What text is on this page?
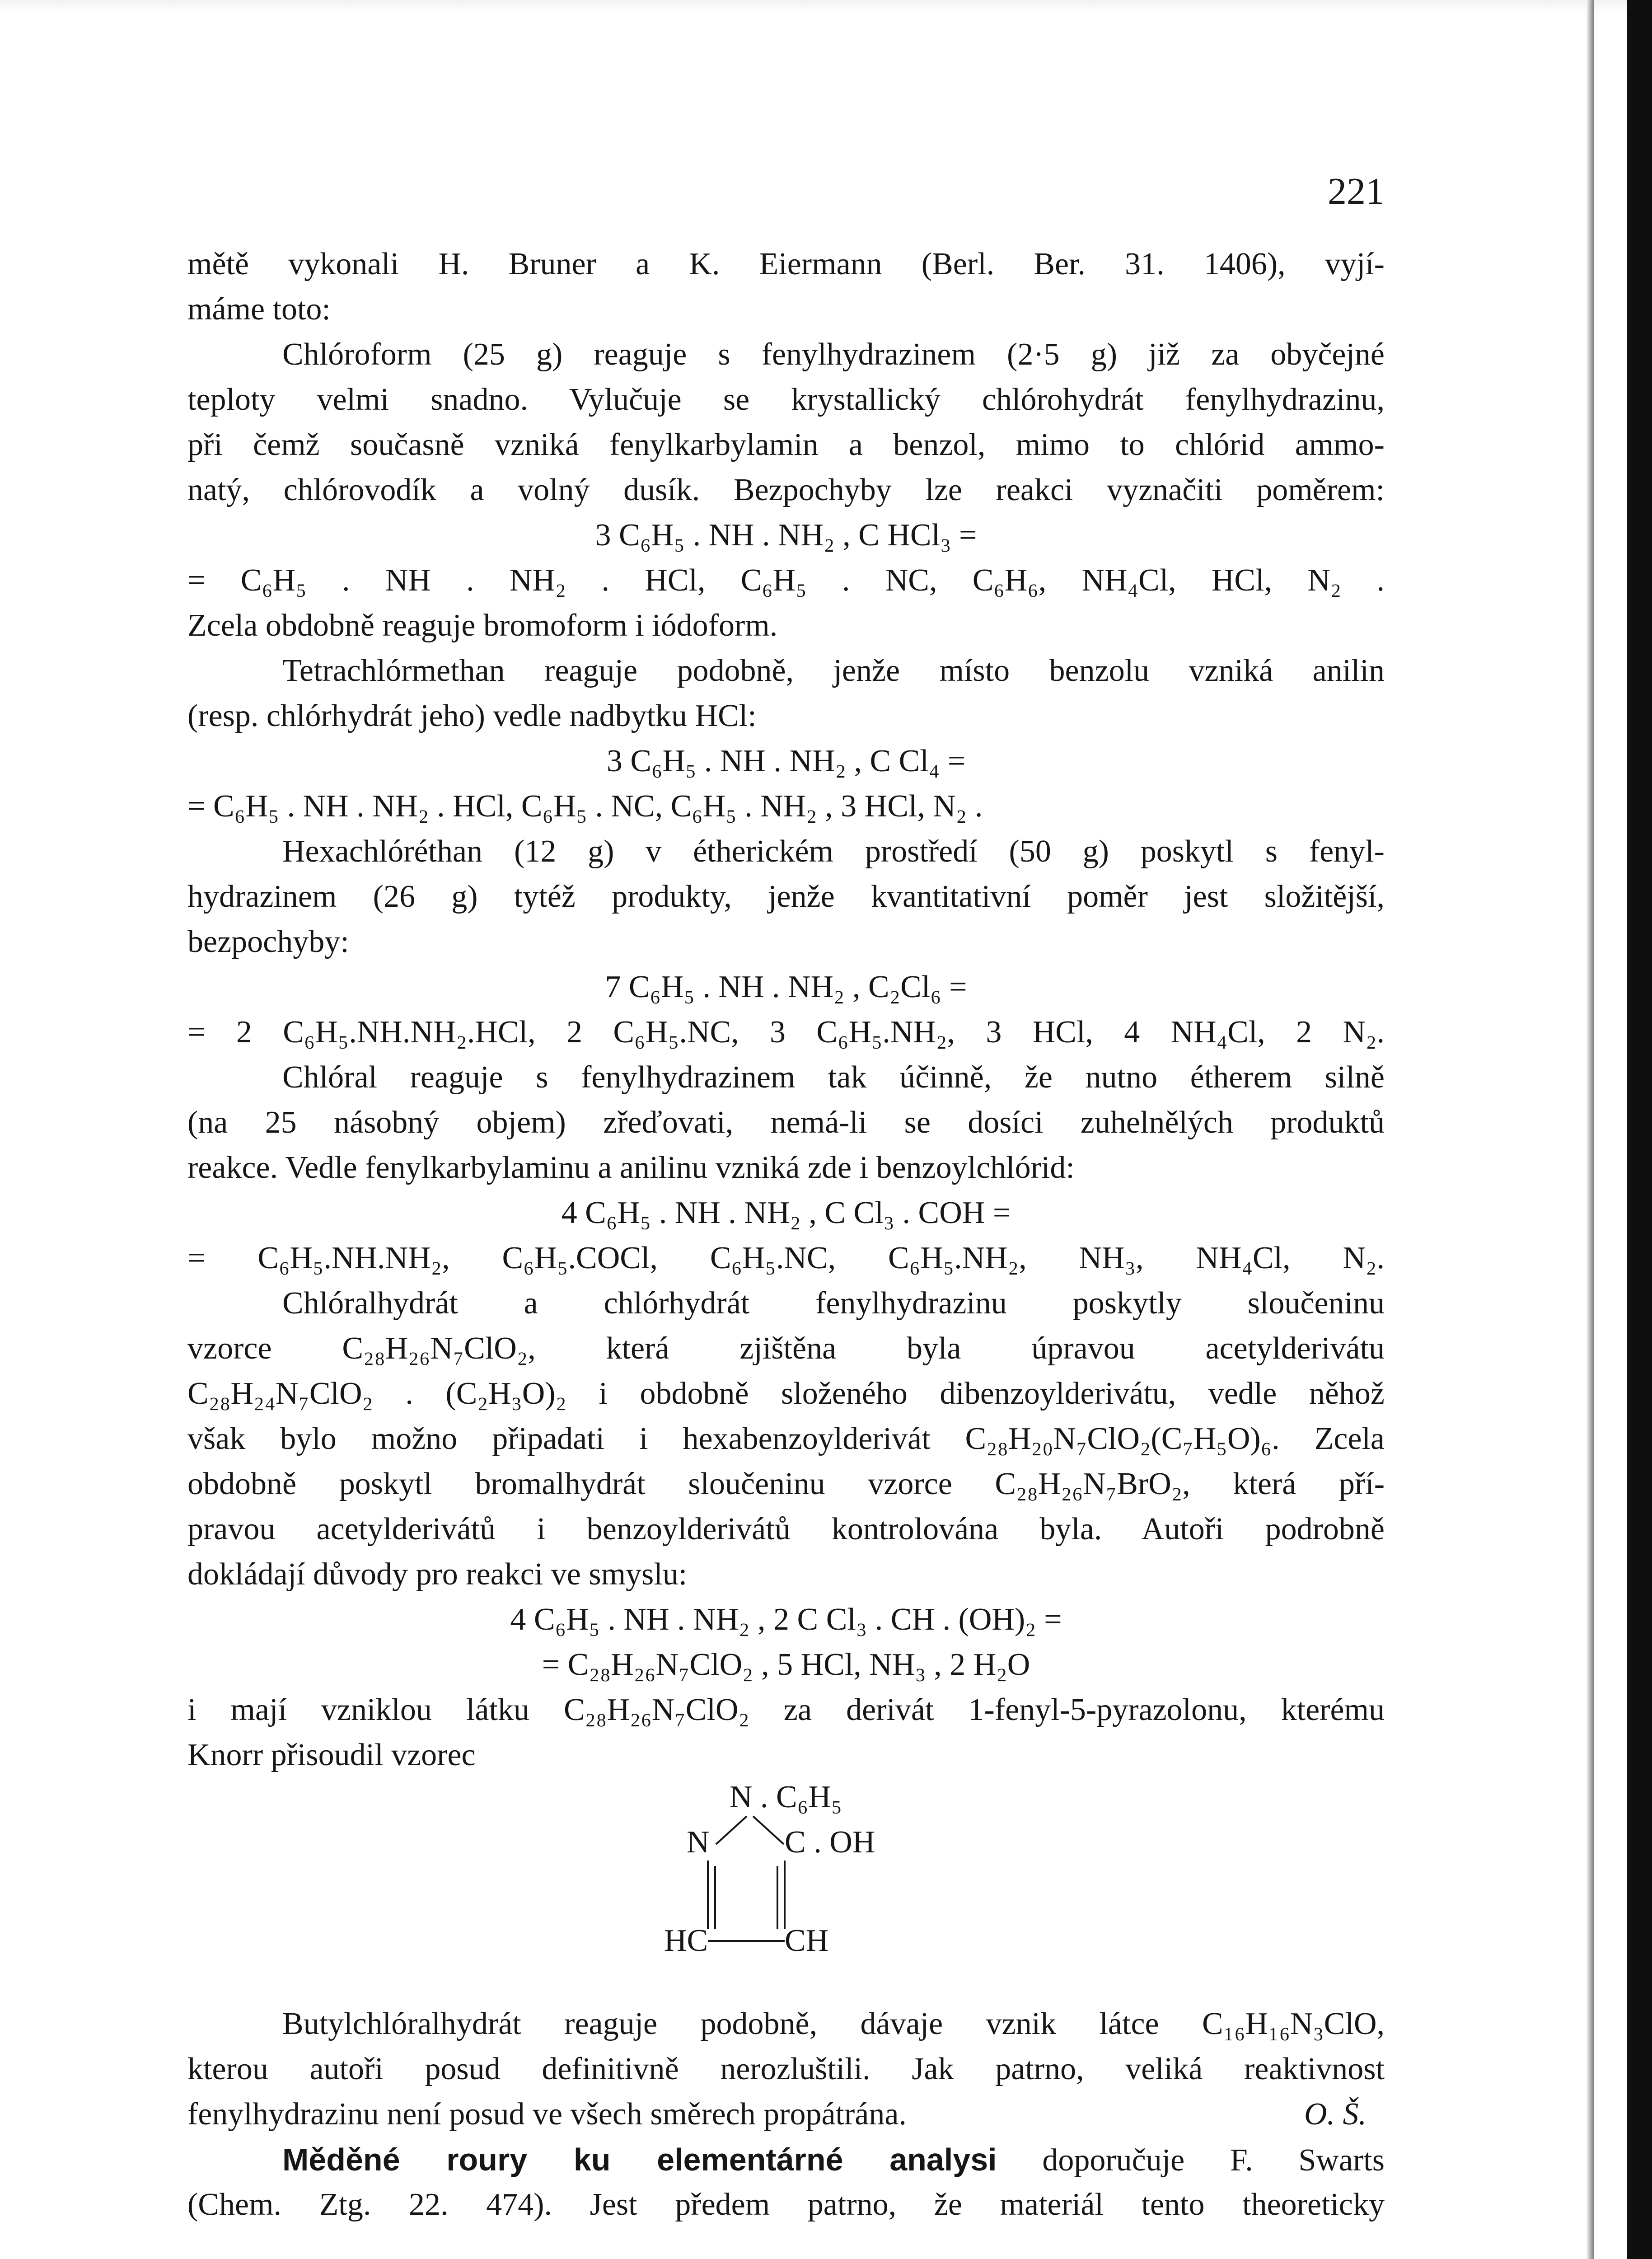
221
mětě vykonali H. Bruner a K. Eiermann (Berl. Ber. 31. 1406), vyjí-
máme toto:
Chlóroform (25 g) reaguje s fenylhydrazinem (2·5 g) již za obyčejné
teploty velmi snadno. Vylučuje se krystallický chlórohydrát fenylhydrazinu,
při čemž současně vzniká fenylkarbylamin a benzol, mimo to chlórid ammo-
natý, chlórovodík a volný dusík. Bezpochyby lze reakci vyznačiti poměrem:
3 C₆H₅ . NH . NH₂ , C HCl₃ =
= C₆H₅ . NH . NH₂ . HCl, C₆H₅ . NC, C₆H₆, NH₄Cl, HCl, N₂ .
Zcela obdobně reaguje bromoform i iódoform.
Tetrachlórmethan reaguje podobně, jenže místo benzolu vzniká anilin
(resp. chlórhydrát jeho) vedle nadbytku HCl:
3 C₆H₅ . NH . NH₂ , C Cl₄ =
= C₆H₅ . NH . NH₂ . HCl, C₆H₅ . NC, C₆H₅ . NH₂ , 3 HCl, N₂ .
Hexachlóréthan (12 g) v étherickém prostředí (50 g) poskytl s fenyl-
hydrazinem (26 g) tytéž produkty, jenže kvantitativní poměr jest složitější,
bezpochyby:
7 C₆H₅ . NH . NH₂ , C₂Cl₆ =
= 2 C₆H₅.NH.NH₂.HCl, 2 C₆H₅.NC, 3 C₆H₅.NH₂, 3 HCl, 4 NH₄Cl, 2 N₂.
Chlóral reaguje s fenylhydrazinem tak účinně, že nutno étherem silně
(na 25 násobný objem) zřeďovati, nemá-li se dosíci zuhelnělých produktů
reakce. Vedle fenylkarbylaminu a anilinu vzniká zde i benzoylchlórid:
4 C₆H₅ . NH . NH₂ , C Cl₃ . COH =
= C₆H₅.NH.NH₂, C₆H₅.COCl, C₆H₅.NC, C₆H₅.NH₂, NH₃, NH₄Cl, N₂.
Chlóralhydrát a chlórhydrát fenylhydrazinu poskytly sloučeninu
vzorce C₂₈H₂₆N₇ClO₂, která zjištěna byla úpravou acetylderivátu
C₂₈H₂₄N₇ClO₂ . (C₂H₃O)₂ i obdobně složeného dibenzoylderivátu, vedle něhož
však bylo možno připadati i hexabenzoylderivát C₂₈H₂₀N₇ClO₂(C₇H₅O)₆. Zcela
obdobně poskytl bromalhydrát sloučeninu vzorce C₂₈H₂₆N₇BrO₂, která pří-
pravou acetylderivátů i benzoylderivátů kontrolována byla. Autoři podrobně
dokládají důvody pro reakci ve smyslu:
4 C₆H₅ . NH . NH₂ , 2 C Cl₃ . CH . (OH)₂ =
= C₂₈H₂₆N₇ClO₂ , 5 HCl, NH₃ , 2 H₂O
i mají vzniklou látku C₂₈H₂₆N₇ClO₂ za derivát 1-fenyl-5-pyrazolonu, kterému
Knorr přisoudil vzorec
N . C₆H₅
N C . OH
HC CH
Butylchlóralhydrát reaguje podobně, dávaje vznik látce C₁₆H₁₆N₃ClO,
kterou autoři posud definitivně nerozluštili. Jak patrno, veliká reaktivnost
fenylhydrazinu není posud ve všech směrech propátrána.	O. Š.
Měděné roury ku elementárné analysi doporučuje F. Swarts
(Chem. Ztg. 22. 474). Jest předem patrno, že materiál tento theoreticky
